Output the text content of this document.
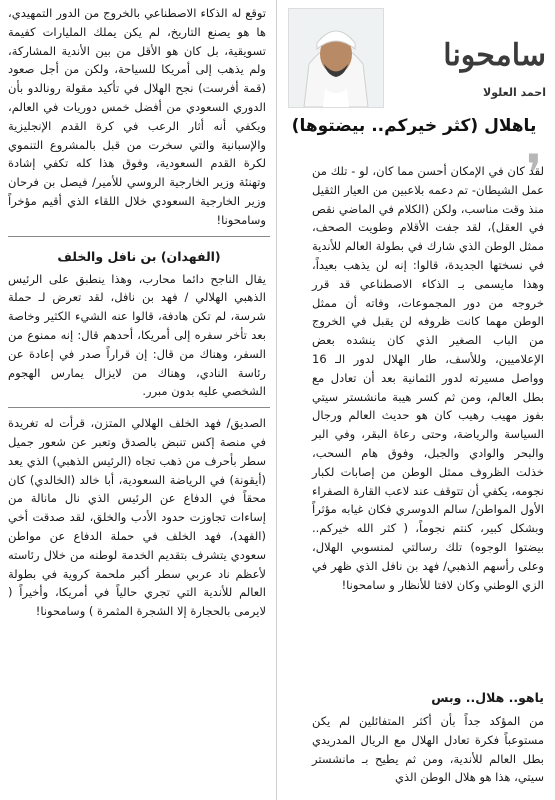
توقع له الذكاء الاصطناعي بالخروج من الدور التمهيدي، ها هو يصنع التاريخ، لم يكن يملك المليارات كفيمة تسويقية، بل كان هو الأقل من بين الأندية المشاركة، ولم يذهب إلى أمريكا للسياحة، ولكن من أجل صعود (قمة أفرست) نجح الهلال في تأكيد مقولة رونالدو بأن الدوري السعودي من أفضل خمس دوريات في العالم، ويكفي أنه أثار الرعب في كرة القدم الإنجليزية والإسبانية والتي سخرت من قبل بالمشروع التنموي لكرة القدم السعودية، وفوق هذا كله تكفي إشادة وتهنئة وزير الخارجية الروسي للأمير/ فيصل بن فرحان وزير الخارجية السعودي خلال اللقاء الذي أقيم مؤخراً وسامحونا!

(الفهدان) بن نافل والخلف

يقال الناجح دائما محارب، وهذا ينطبق على الرئيس الذهبي الهلالي / فهد بن نافل، لقد تعرض لـ حملة شرسة، لم تكن هادفة، قالوا عنه الشيء الكثير وخاصة بعد تأخر سفره إلى أمريكا، أحدهم قال: إنه ممنوع من السفر، وهناك من قال: إن قراراً صدر في إعادة عن رئاسة النادي، وهناك من لايزال يمارس الهجوم الشخصي عليه بدون مبرر.

الصديق/ فهد الخلف الهلالي المتزن، قرأت له تغريدة في منصة إكس تنبض بالصدق وتعبر عن شعور جميل سطر بأحرف من ذهب تجاه (الرئيس الذهبي) الذي يعد (أيقونة) في الرياضة السعودية، أبا خالد (الخالدي) كان محقاً في الدفاع عن الرئيس الذي نال مانالة من إساءات تجاوزت حدود الأدب والخلق، لقد صدقت أخي (الفهد)، فهد الخلف في حملة الدفاع عن مواطن سعودي يتشرف بتقديم الخدمة لوطنه من خلال رئاسته لأعظم ناد عربي سطر أكبر ملحمة كروية في بطولة العالم للأندية التي تجري حالياً في أمريكا، وأخيراً ( لايرمى بالحجارة إلا الشجرة المثمرة ) وسامحونا!

سامحونا
احمد العلولا
ياهلال (كثر خيركم.. بيضتوها)
❜

لقد كان في الإمكان أحسن مما كان، لو - تلك من عمل الشيطان- تم دعمه بلاعبين من العيار الثقيل منذ وقت مناسب، ولكن (الكلام في الماضي نقص في العقل)، لقد جفت الأقلام وطويت الصحف، ممثل الوطن الذي شارك في بطولة العالم للأندية في نسختها الجديدة، قالوا: إنه لن يذهب بعيداً، وهذا مايسمى بـ الذكاء الاصطناعي قد قرر خروجه من دور المجموعات، وفاته أن ممثل الوطن مهما كانت ظروفه لن يقبل في الخروج من الباب الصغير الذي كان ينشده بعض الإعلاميين، وللأسف، طار الهلال لدور الـ 16 وواصل مسيرته لدور الثمانية بعد أن تعادل مع بطل العالم، ومن ثم كسر هيبة مانشستر سيتي بفوز مهيب رهيب كان هو حديث العالم ورجال السياسة والرياضة، وحتى رعاة البقر، وفي البر والبحر والوادي والجبل، وفوق هام السحب، خذلت الظروف ممثل الوطن من إصابات لكبار نجومه، يكفي أن تتوقف عند لاعب القارة الصفراء الأول المواطن/ سالم الدوسري فكان غيابه مؤثراً وبشكل كبير، كنتم نجوماً، ( كثر الله خيركم.. بيضتوا الوجوه) تلك رسالتي لمنسوبي الهلال، وعلى رأسهم الذهبي/ فهد بن نافل الذي ظهر في الزي الوطني وكان لافتا للأنظار و سامحونا!

ياهو.. هلال.. وبس

من المؤكد جداً بأن أكثر المتفائلين لم يكن مستوعباً فكرة تعادل الهلال مع الريال المدريدي بطل العالم للأندية، ومن ثم يطيح بـ مانشستر سيتي، هذا هو هلال الوطن الذي
